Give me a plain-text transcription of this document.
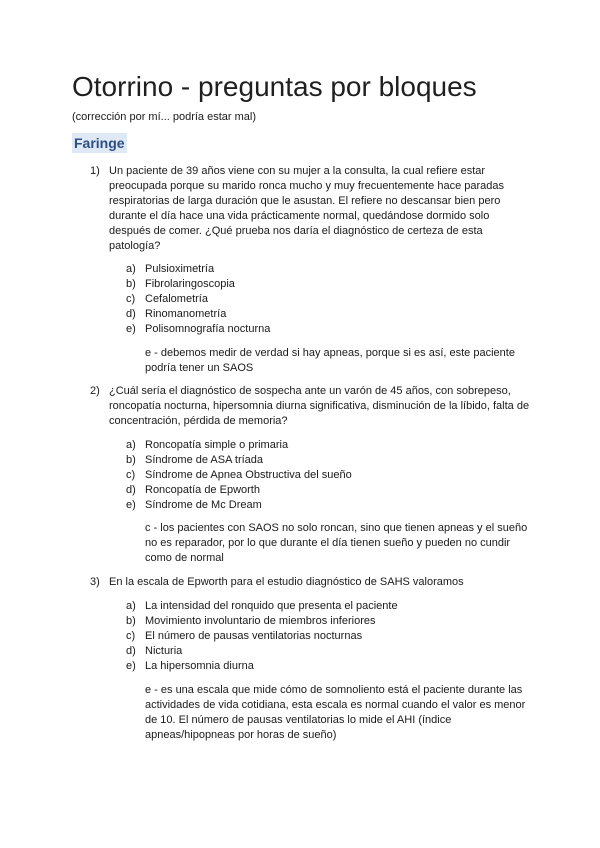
Otorrino - preguntas por bloques
(corrección por mí... podría estar mal)
Faringe
1) Un paciente de 39 años viene con su mujer a la consulta, la cual refiere estar preocupada porque su marido ronca mucho y muy frecuentemente hace paradas respiratorias de larga duración que le asustan. El refiere no descansar bien pero durante el día hace una vida prácticamente normal, quedándose dormido solo después de comer. ¿Qué prueba nos daría el diagnóstico de certeza de esta patología?

a) Pulsioximetría
b) Fibrolaringoscopia
c) Cefalometría
d) Rinomanometría
e) Polisomnografía nocturna
e - debemos medir de verdad si hay apneas, porque si es así, este paciente podría tener un SAOS
2) ¿Cuál sería el diagnóstico de sospecha ante un varón de 45 años, con sobrepeso, roncopatía nocturna, hipersomnia diurna significativa, disminución de la líbido, falta de concentración, pérdida de memoria?

a) Roncopatía simple o primaria
b) Síndrome de ASA tríada
c) Síndrome de Apnea Obstructiva del sueño
d) Roncopatía de Epworth
e) Síndrome de Mc Dream
c - los pacientes con SAOS no solo roncan, sino que tienen apneas y el sueño no es reparador, por lo que durante el día tienen sueño y pueden no cundir como de normal
3) En la escala de Epworth para el estudio diagnóstico de SAHS valoramos

a) La intensidad del ronquido que presenta el paciente
b) Movimiento involuntario de miembros inferiores
c) El número de pausas ventilatorias nocturnas
d) Nicturia
e) La hipersomnia diurna
e - es una escala que mide cómo de somnoliento está el paciente durante las actividades de vida cotidiana, esta escala es normal cuando el valor es menor de 10. El número de pausas ventilatorias lo mide el AHI (índice apneas/hipopneas por horas de sueño)
